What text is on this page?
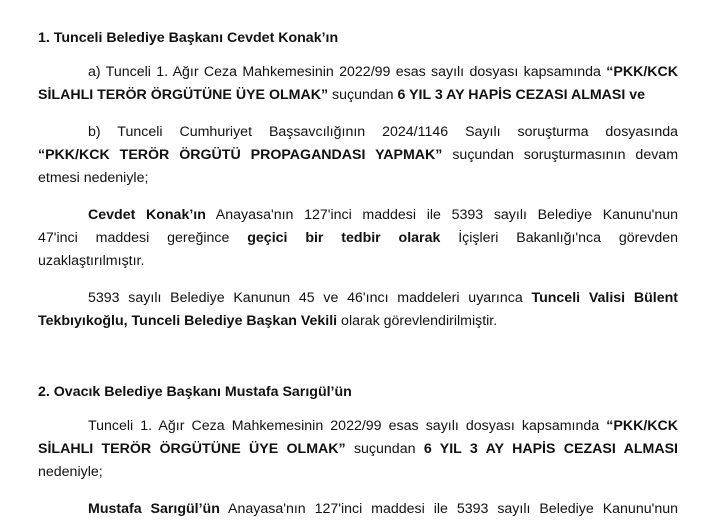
1. Tunceli Belediye Başkanı Cevdet Konak’ın
a) Tunceli 1. Ağır Ceza Mahkemesinin 2022/99 esas sayılı dosyası kapsamında “PKK/KCK
SİLAHLI TERÖR ÖRGÜTÜNE ÜYE OLMAK” suçundan 6 YIL 3 AY HAPİS CEZASI ALMASI ve
b) Tunceli Cumhuriyet Başsavcılığının 2024/1146 Sayılı soruşturma dosyasında
“PKK/KCK TERÖR ÖRGÜTÜ PROPAGANDASI YAPMAK” suçundan soruşturmasının devam
etmesi nedeniyle;
Cevdet Konak’ın Anayasa'nın 127'inci maddesi ile 5393 sayılı Belediye Kanunu'nun
47'inci maddesi gereğince geçici bir tedbir olarak İçişleri Bakanlığı'nca görevden
uzaklaştırılmıştır.
5393 sayılı Belediye Kanunun 45 ve 46'ıncı maddeleri uyarınca Tunceli Valisi Bülent
Tekbıyıkoğlu, Tunceli Belediye Başkan Vekili olarak görevlendirilmiştir.
2. Ovacık Belediye Başkanı Mustafa Sarıgül’ün
Tunceli 1. Ağır Ceza Mahkemesinin 2022/99 esas sayılı dosyası kapsamında “PKK/KCK
SİLAHLI TERÖR ÖRGÜTÜNE ÜYE OLMAK” suçundan 6 YIL 3 AY HAPİS CEZASI ALMASI
nedeniyle;
Mustafa Sarıgül’ün Anayasa'nın 127'inci maddesi ile 5393 sayılı Belediye Kanunu'nun
